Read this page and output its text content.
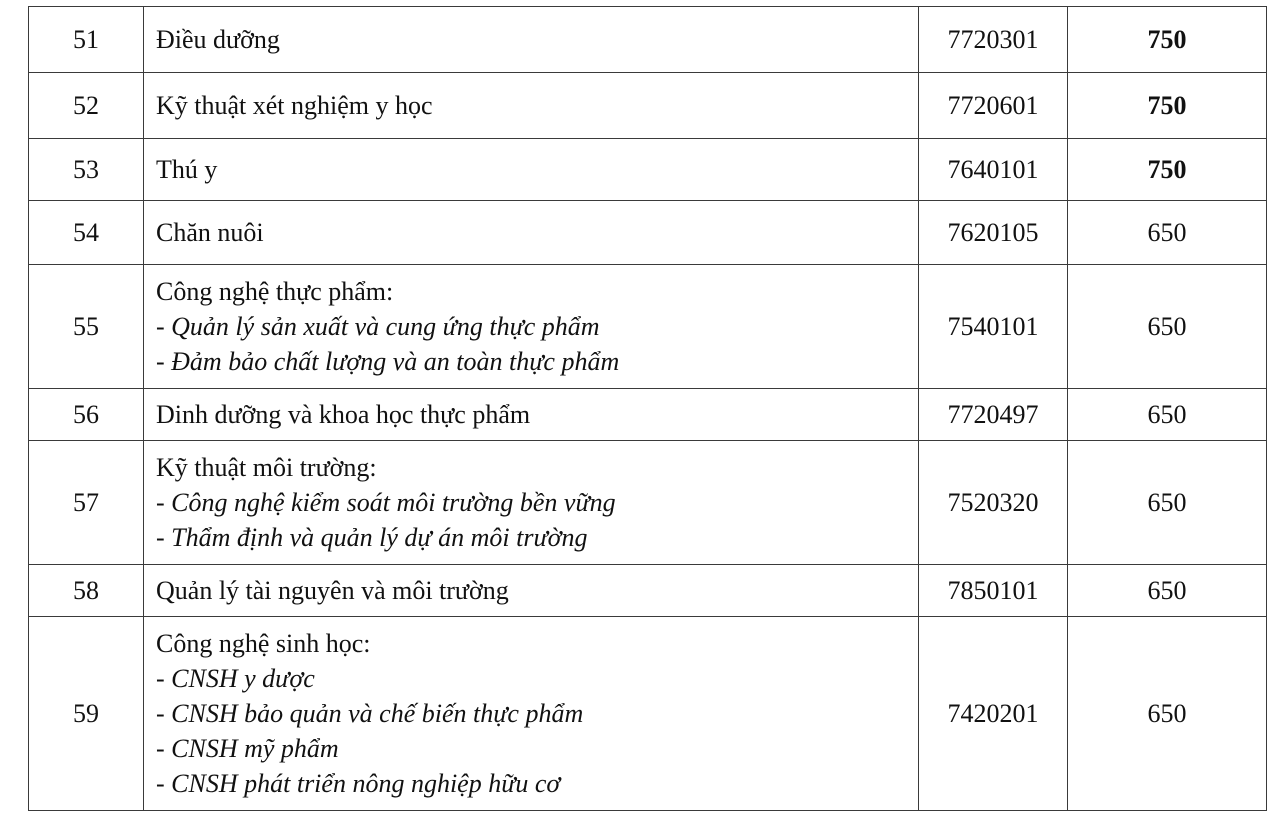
51	Điều dưỡng	7720301	750
52	Kỹ thuật xét nghiệm y học	7720601	750
53	Thú y	7640101	750
54	Chăn nuôi	7620105	650
55	Công nghệ thực phẩm:
- Quản lý sản xuất và cung ứng thực phẩm
- Đảm bảo chất lượng và an toàn thực phẩm	7540101	650
56	Dinh dưỡng và khoa học thực phẩm	7720497	650
57	Kỹ thuật môi trường:
- Công nghệ kiểm soát môi trường bền vững
- Thẩm định và quản lý dự án môi trường	7520320	650
58	Quản lý tài nguyên và môi trường	7850101	650
59	Công nghệ sinh học:
- CNSH y dược
- CNSH bảo quản và chế biến thực phẩm
- CNSH mỹ phẩm
- CNSH phát triển nông nghiệp hữu cơ	7420201	650
